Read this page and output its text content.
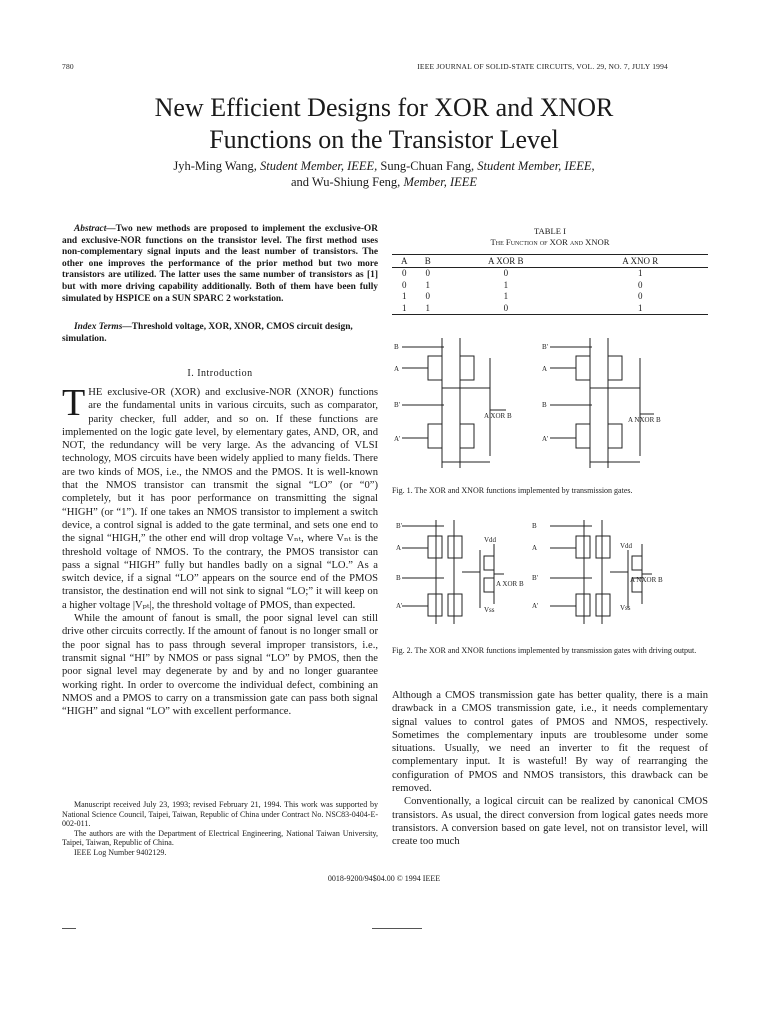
780	IEEE JOURNAL OF SOLID-STATE CIRCUITS, VOL. 29, NO. 7, JULY 1994
New Efficient Designs for XOR and XNOR
Functions on the Transistor Level
Jyh-Ming Wang, Student Member, IEEE, Sung-Chuan Fang, Student Member, IEEE,
and Wu-Shiung Feng, Member, IEEE
Abstract—Two new methods are proposed to implement the exclusive-OR and exclusive-NOR functions on the transistor level. The first method uses non-complementary signal inputs and the least number of transistors. The other one improves the performance of the prior method but two more transistors are utilized. The latter uses the same number of transistors as [1] but with more driving capability additionally. Both of them have been fully simulated by HSPICE on a SUN SPARC 2 workstation.
Index Terms—Threshold voltage, XOR, XNOR, CMOS circuit design, simulation.
I. Introduction

THE exclusive-OR (XOR) and exclusive-NOR (XNOR) functions are the fundamental units in various circuits, such as comparator, parity checker, full adder, and so on. If these functions are implemented on the logic gate level, by elementary gates, AND, OR, and NOT, the redundancy will be very large. As the advancing of VLSI technology, MOS circuits have been widely applied to many fields. There are two kinds of MOS, i.e., the NMOS and the PMOS. It is well-known that the NMOS transistor can transmit the signal “LO” (or “0”) completely, but it has poor performance on transmitting the signal “HIGH” (or “1”). If one takes an NMOS transistor to implement a switch device, a control signal is added to the gate terminal, and sets one end to the signal “HIGH,” the other end will drop voltage Vₙₜ, where Vₙₜ is the threshold voltage of NMOS. To the contrary, the PMOS transistor can pass a signal “HIGH” fully but handles badly on a signal “LO.” As a switch device, if a signal “LO” appears on the source end of the PMOS transistor, the destination end will not sink to signal “LO;” it will keep on a higher voltage |Vₚₜ|, the threshold voltage of PMOS, than expected.

While the amount of fanout is small, the poor signal level can still drive other circuits correctly. If the amount of fanout is no longer small or the poor signal has to pass through several improper transistors, i.e., transmit signal “HI” by NMOS or pass signal “LO” by PMOS, then the poor signal level may degenerate by and by and no longer guarantee working right. In order to overcome the individual defect, combining an NMOS and a PMOS to carry on a transmission gate can pass both signal “HIGH” and signal “LO” with excellent performance.

Manuscript received July 23, 1993; revised February 21, 1994. This work was supported by National Science Council, Taipei, Taiwan, Republic of China under Contract No. NSC83-0404-E-002-011.

The authors are with the Department of Electrical Engineering, National Taiwan University, Taipei, Taiwan, Republic of China.

IEEE Log Number 9402129.

0018-9200/94$04.00 © 1994 IEEE
TABLE I
The Function of XOR and XNOR
A	B	A XOR B	A XNO R
0	0	0	1
0	1	1	0
1	0	1	0
1	1	0	1
B
A
B'
A'
A XOR B
B'
A
B
A'
A NXOR B
Fig. 1. The XOR and XNOR functions implemented by transmission gates.
B'
A
B
A'
Vdd
Vss
A XOR B
B
A
B'
A'
Vdd
Vss
A NXOR B
Fig. 2. The XOR and XNOR functions implemented by transmission gates with driving output.

Although a CMOS transmission gate has better quality, there is a main drawback in a CMOS transmission gate, i.e., it needs complementary signal values to control gates of PMOS and NMOS, respectively. Sometimes the complementary inputs are troublesome under some situations. Usually, we need an inverter to fit the request of complementary input. It is wasteful! By way of rearranging the configuration of PMOS and NMOS transistors, this drawback can be removed.

Conventionally, a logical circuit can be realized by canonical CMOS transistors. As usual, the direct conversion from logical gates needs more transistors. A conversion based on gate level, not on transistor level, will create too much
